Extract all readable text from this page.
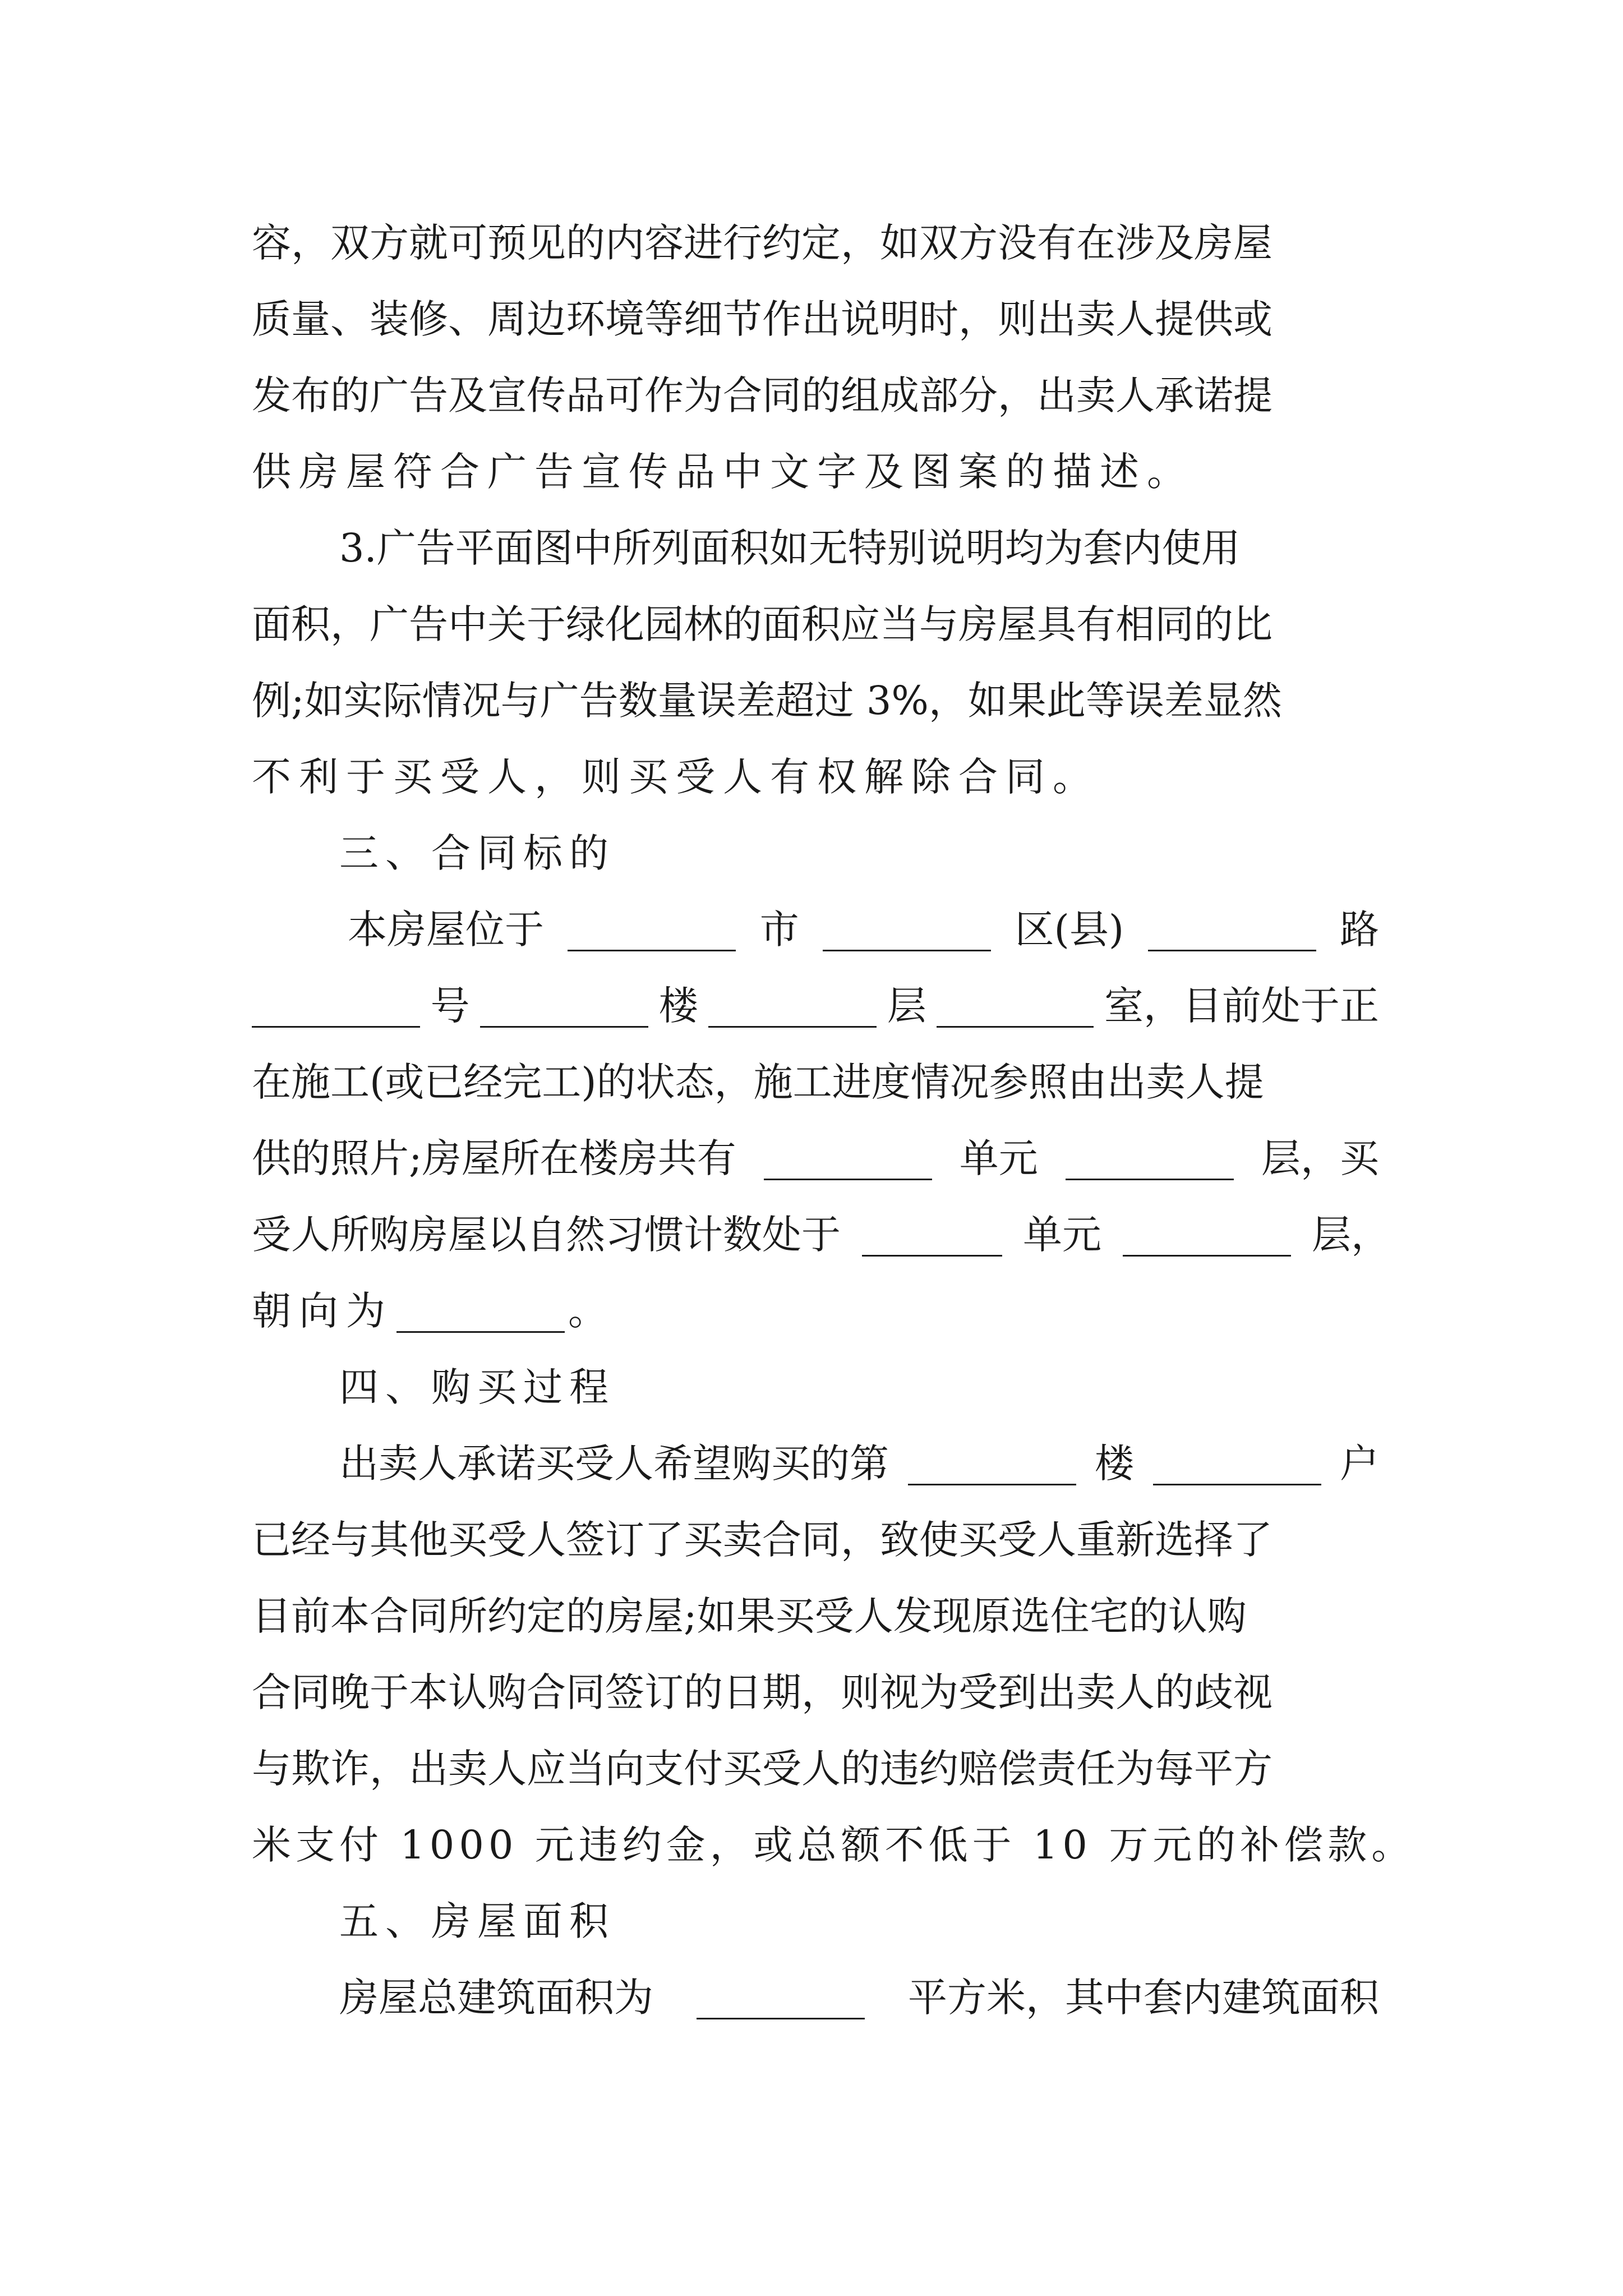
容，双方就可预见的内容进行约定，如双方没有在涉及房屋
质量、装修、周边环境等细节作出说明时，则出卖人提供或
发布的广告及宣传品可作为合同的组成部分，出卖人承诺提
供房屋符合广告宣传品中文字及图案的描述。
3.广告平面图中所列面积如无特别说明均为套内使用
面积，广告中关于绿化园林的面积应当与房屋具有相同的比
例;如实际情况与广告数量误差超过 3%，如果此等误差显然
不利于买受人，则买受人有权解除合同。
三、合同标的
本房屋位于	市	区(县)	路
号	楼	层	室，目前处于正
在施工(或已经完工)的状态，施工进度情况参照由出卖人提
供的照片;房屋所在楼房共有	单元	层，买
受人所购房屋以自然习惯计数处于	单元	层，
朝向为	。
四、购买过程
出卖人承诺买受人希望购买的第	楼	户
已经与其他买受人签订了买卖合同，致使买受人重新选择了
目前本合同所约定的房屋;如果买受人发现原选住宅的认购
合同晚于本认购合同签订的日期，则视为受到出卖人的歧视
与欺诈，出卖人应当向支付买受人的违约赔偿责任为每平方
米支付 1000 元违约金，或总额不低于 10 万元的补偿款。
五、房屋面积
房屋总建筑面积为	平方米，其中套内建筑面积
